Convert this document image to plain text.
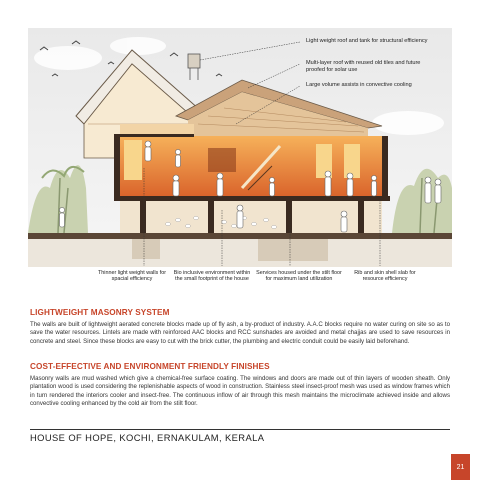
Light weight roof and tank for structural efficiency
Multi-layer roof with reused old tiles and future proofed for solar use
Large volume assists in convective cooling
Thinner light weight walls for spacial efficiency
Bio inclusive environment within the small footprint of the house
Services housed under the stilt floor for maximum land utilization
Rib and skin shell slab for resource efficiency
LIGHTWEIGHT MASONRY SYSTEM
The walls are built of lightweight aerated concrete blocks made up of fly ash, a by-product of industry. A.A.C blocks require no water curing on site so as to save the water resources. Lintels are made with reinforced AAC blocks and RCC sunshades are avoided and metal chajjas are used to save resources in concrete and steel. Since these blocks are easy to cut with the brick cutter, the plumbing and electric conduit could be easily laid beforehand.
COST-EFFECTIVE AND ENVIRONMENT FRIENDLY FINISHES
Masonry walls are mud washed which give a chemical-free surface coating. The windows and doors are made out of thin layers of wooden sheath. Only plantation wood is used considering the replenishable aspects of wood in construction. Stainless steel insect-proof mesh was used as window frames which in turn rendered the interiors cooler and insect-free. The continuous inflow of air through this mesh maintains the microclimate achieved inside and allows convective cooling enhanced by the cold air from the stilt floor.
HOUSE OF HOPE, KOCHI, ERNAKULAM, KERALA
21
